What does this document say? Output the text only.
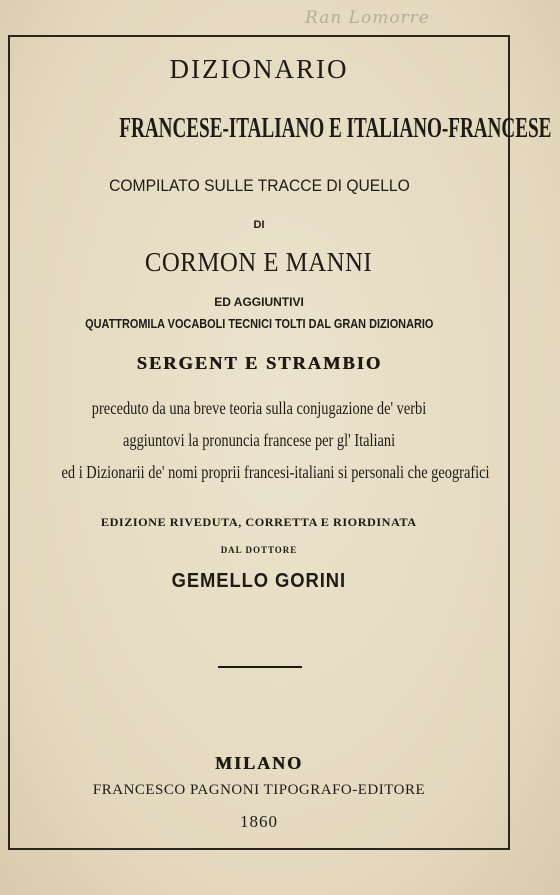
Ran Lomorre
DIZIONARIO
FRANCESE-ITALIANO E ITALIANO-FRANCESE
COMPILATO SULLE TRACCE DI QUELLO
DI
CORMON E MANNI
ED AGGIUNTIVI
QUATTROMILA VOCABOLI TECNICI TOLTI DAL GRAN DIZIONARIO
SERGENT E STRAMBIO
preceduto da una breve teoria sulla conjugazione de' verbi
aggiuntovi la pronuncia francese per gl' Italiani
ed i Dizionarii de' nomi proprii francesi-italiani si personali che geografici
EDIZIONE RIVEDUTA, CORRETTA E RIORDINATA
DAL DOTTORE
GEMELLO GORINI
MILANO
FRANCESCO PAGNONI TIPOGRAFO-EDITORE
1860
